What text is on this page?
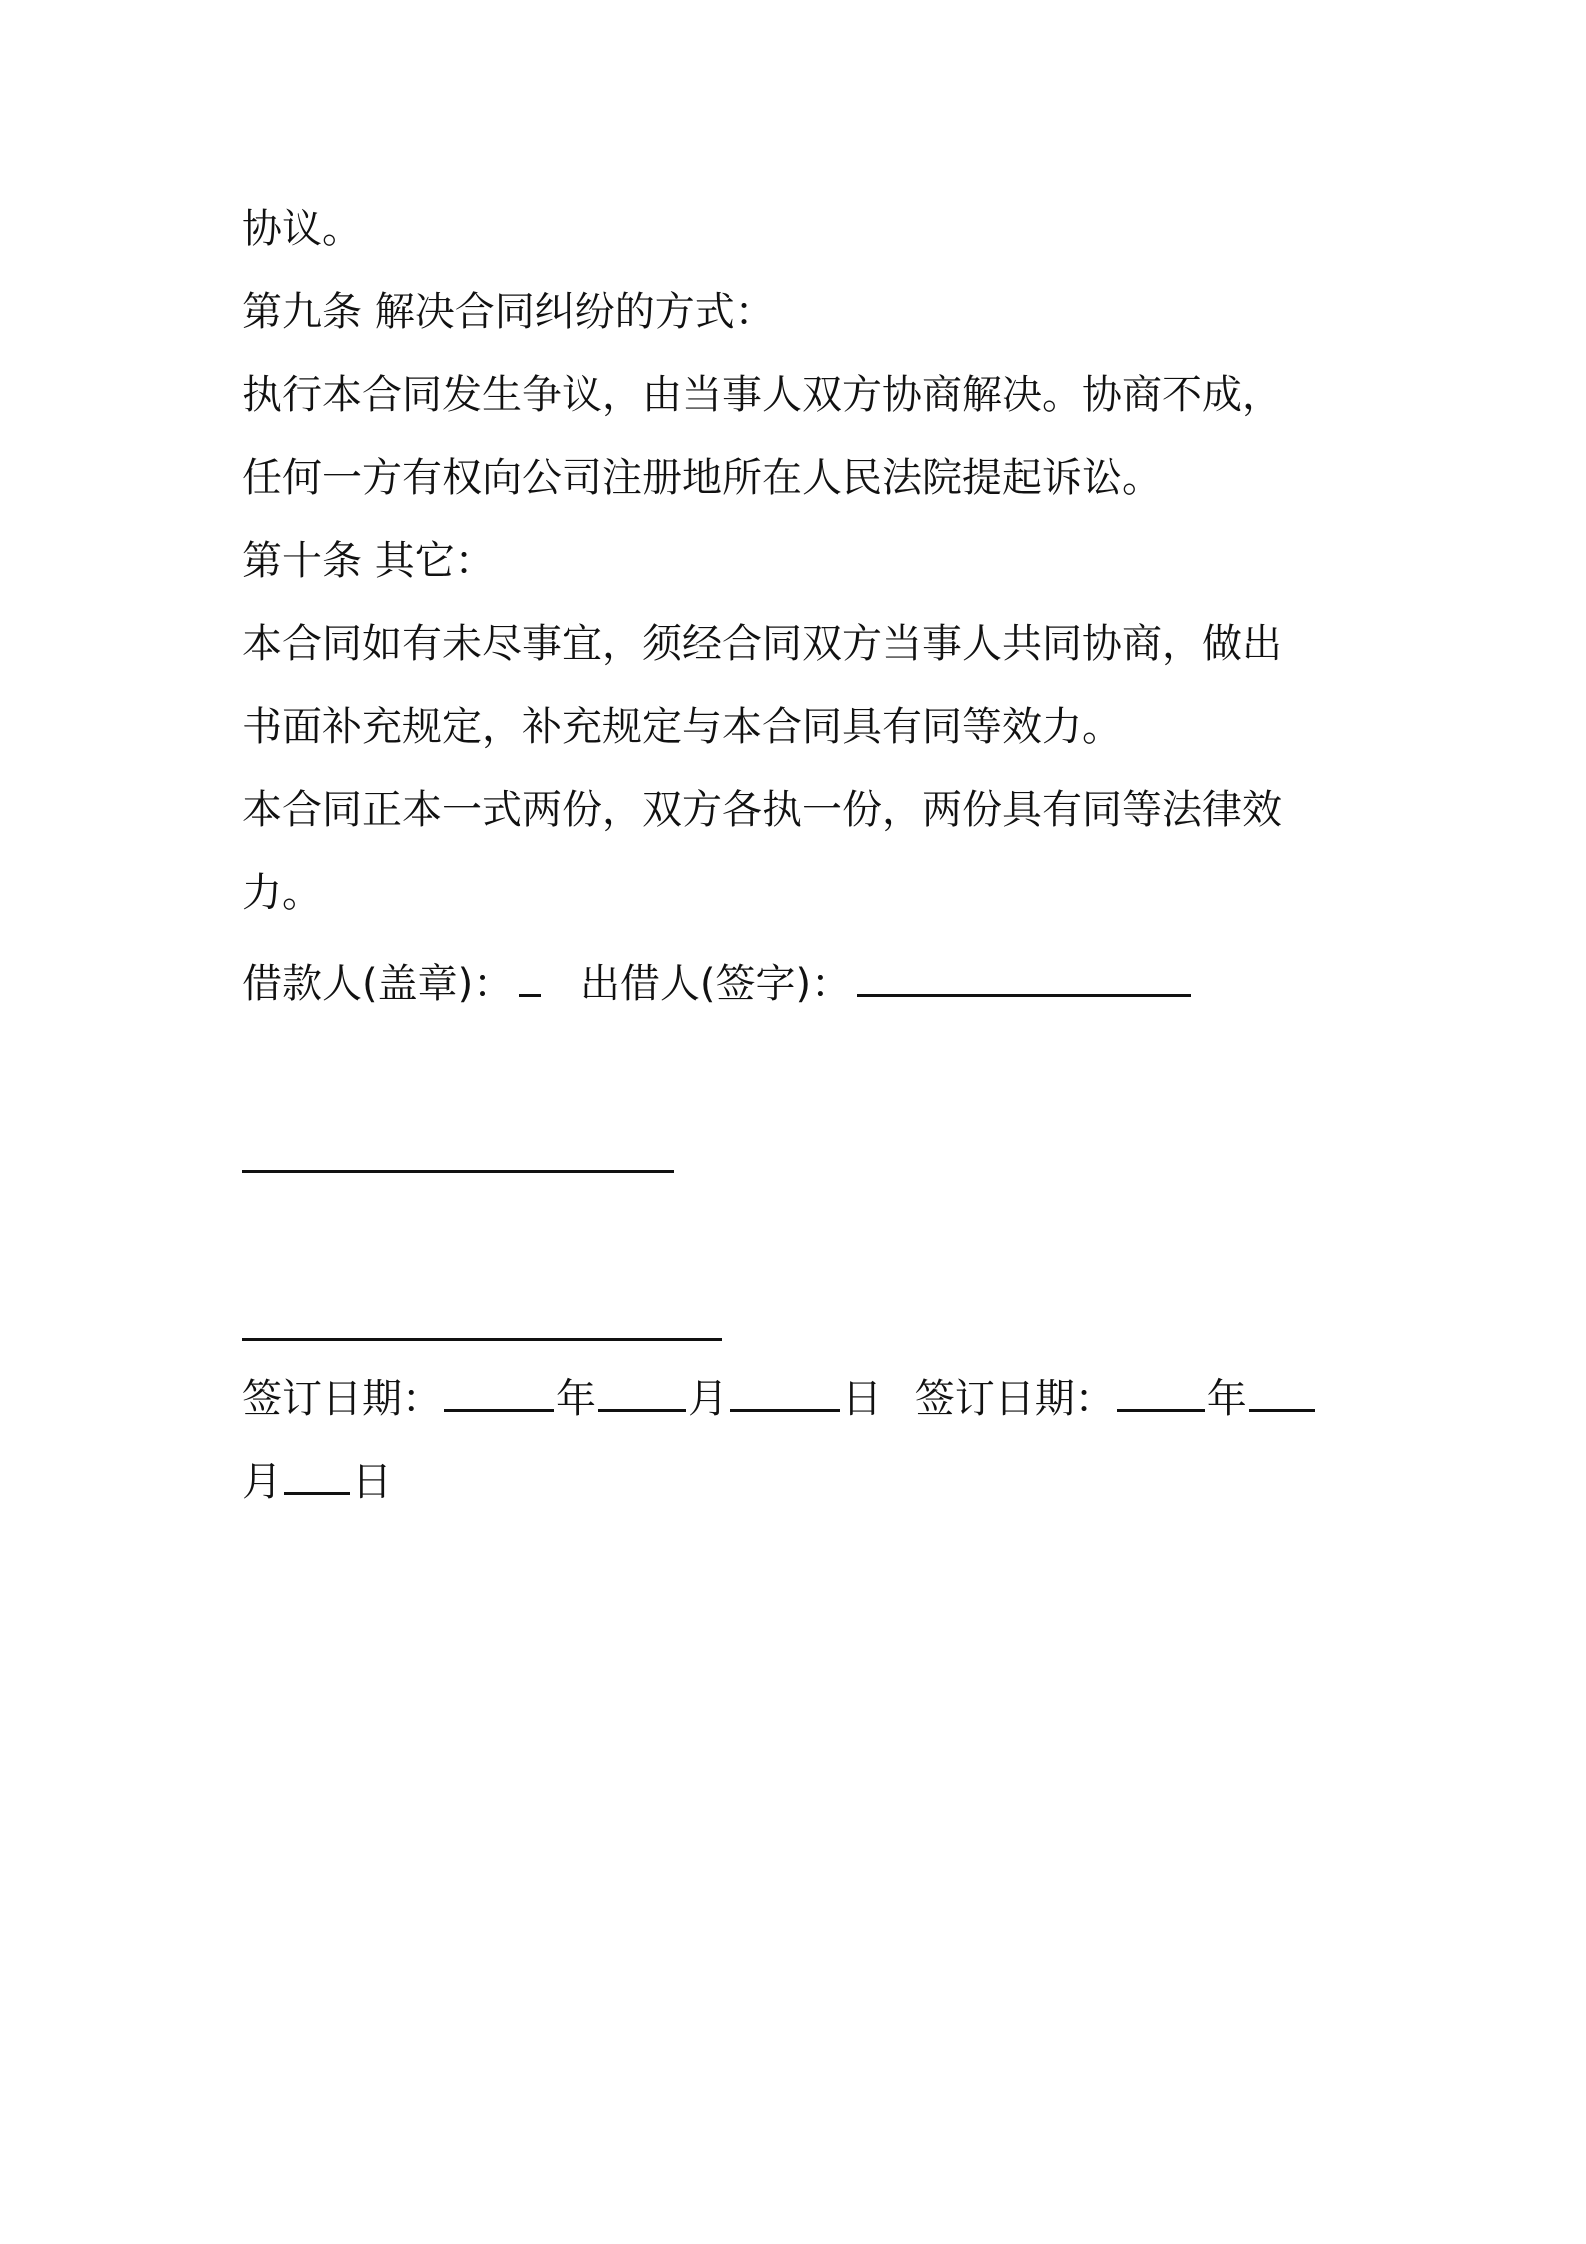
协议。
第九条 解决合同纠纷的方式：
执行本合同发生争议，由当事人双方协商解决。协商不成，
任何一方有权向公司注册地所在人民法院提起诉讼。
第十条 其它：
本合同如有未尽事宜，须经合同双方当事人共同协商，做出
书面补充规定，补充规定与本合同具有同等效力。
本合同正本一式两份，双方各执一份，两份具有同等法律效
力。
借款人(盖章)： 出借人(签字)：
签订日期：	年 月	日 签订日期： 年
月 日
